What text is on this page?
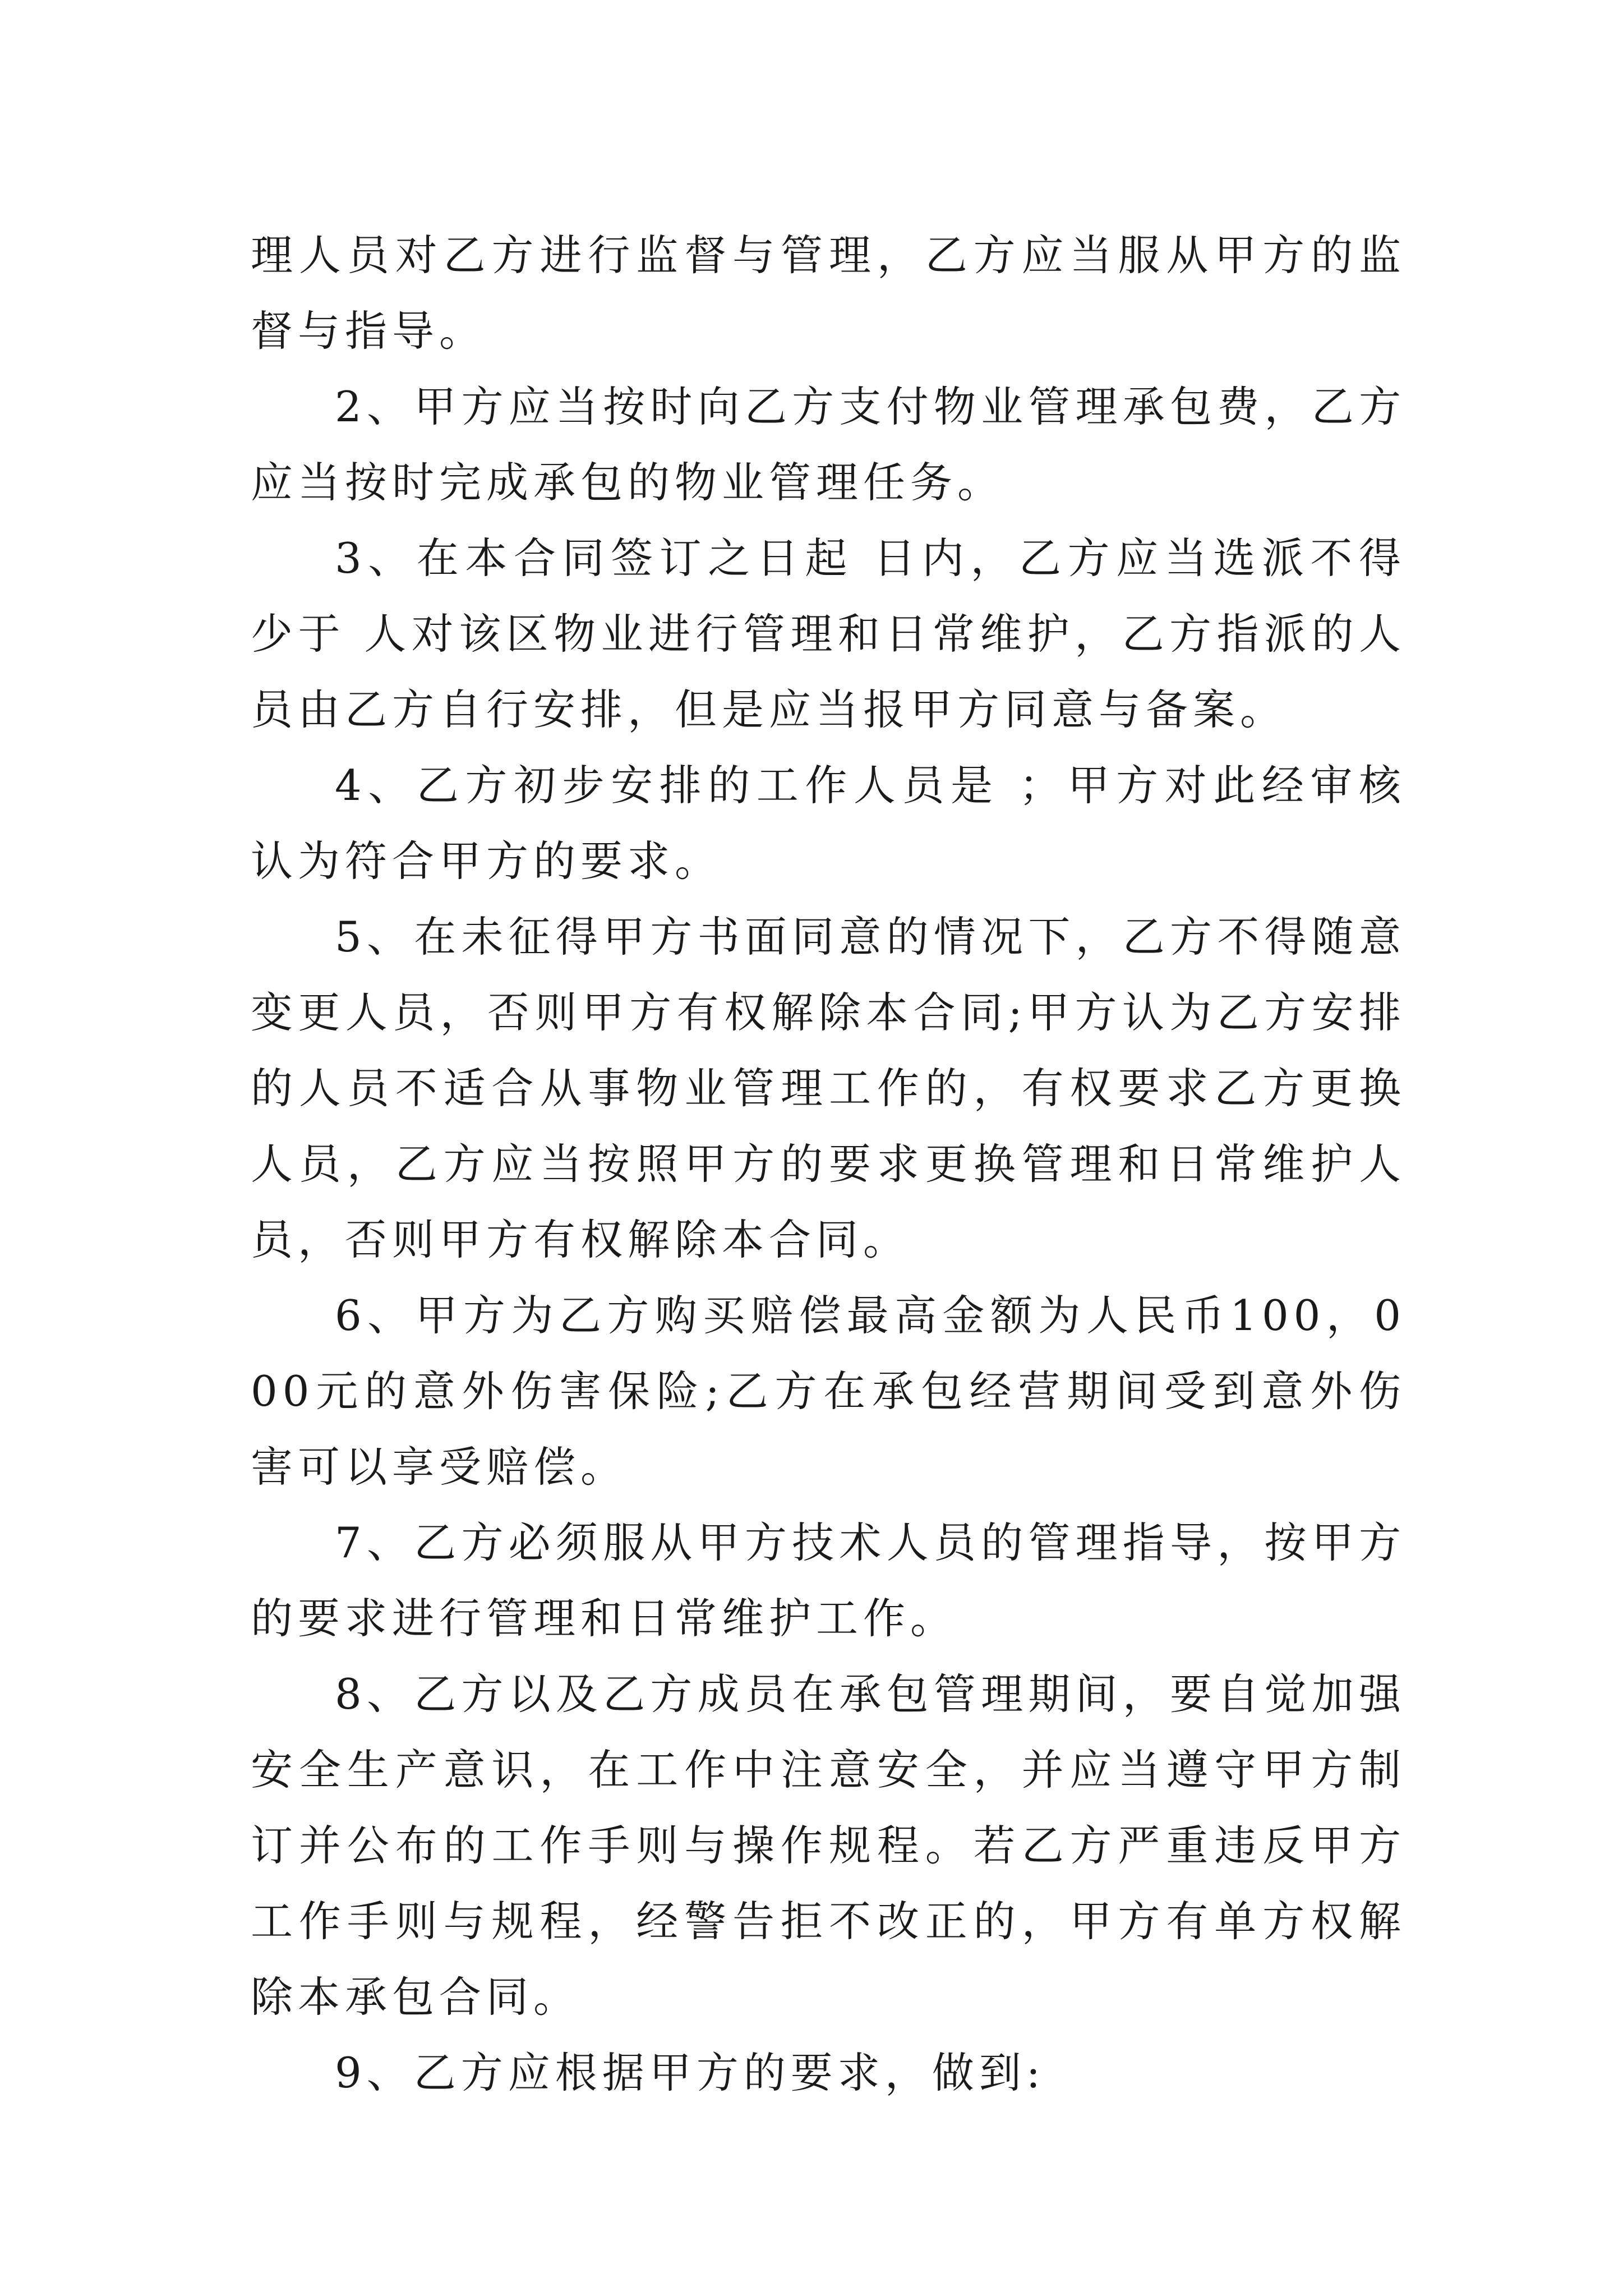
理人员对乙方进行监督与管理，乙方应当服从甲方的监督与指导。

2、甲方应当按时向乙方支付物业管理承包费，乙方应当按时完成承包的物业管理任务。

3、在本合同签订之日起 日内，乙方应当选派不得少于 人对该区物业进行管理和日常维护，乙方指派的人员由乙方自行安排，但是应当报甲方同意与备案。

4、乙方初步安排的工作人员是 ；甲方对此经审核认为符合甲方的要求。

5、在未征得甲方书面同意的情况下，乙方不得随意变更人员，否则甲方有权解除本合同;甲方认为乙方安排的人员不适合从事物业管理工作的，有权要求乙方更换人员，乙方应当按照甲方的要求更换管理和日常维护人员，否则甲方有权解除本合同。

6、甲方为乙方购买赔偿最高金额为人民币100，000元的意外伤害保险;乙方在承包经营期间受到意外伤害可以享受赔偿。

7、乙方必须服从甲方技术人员的管理指导，按甲方的要求进行管理和日常维护工作。

8、乙方以及乙方成员在承包管理期间，要自觉加强安全生产意识，在工作中注意安全，并应当遵守甲方制订并公布的工作手则与操作规程。若乙方严重违反甲方工作手则与规程，经警告拒不改正的，甲方有单方权解除本承包合同。

9、乙方应根据甲方的要求，做到:
